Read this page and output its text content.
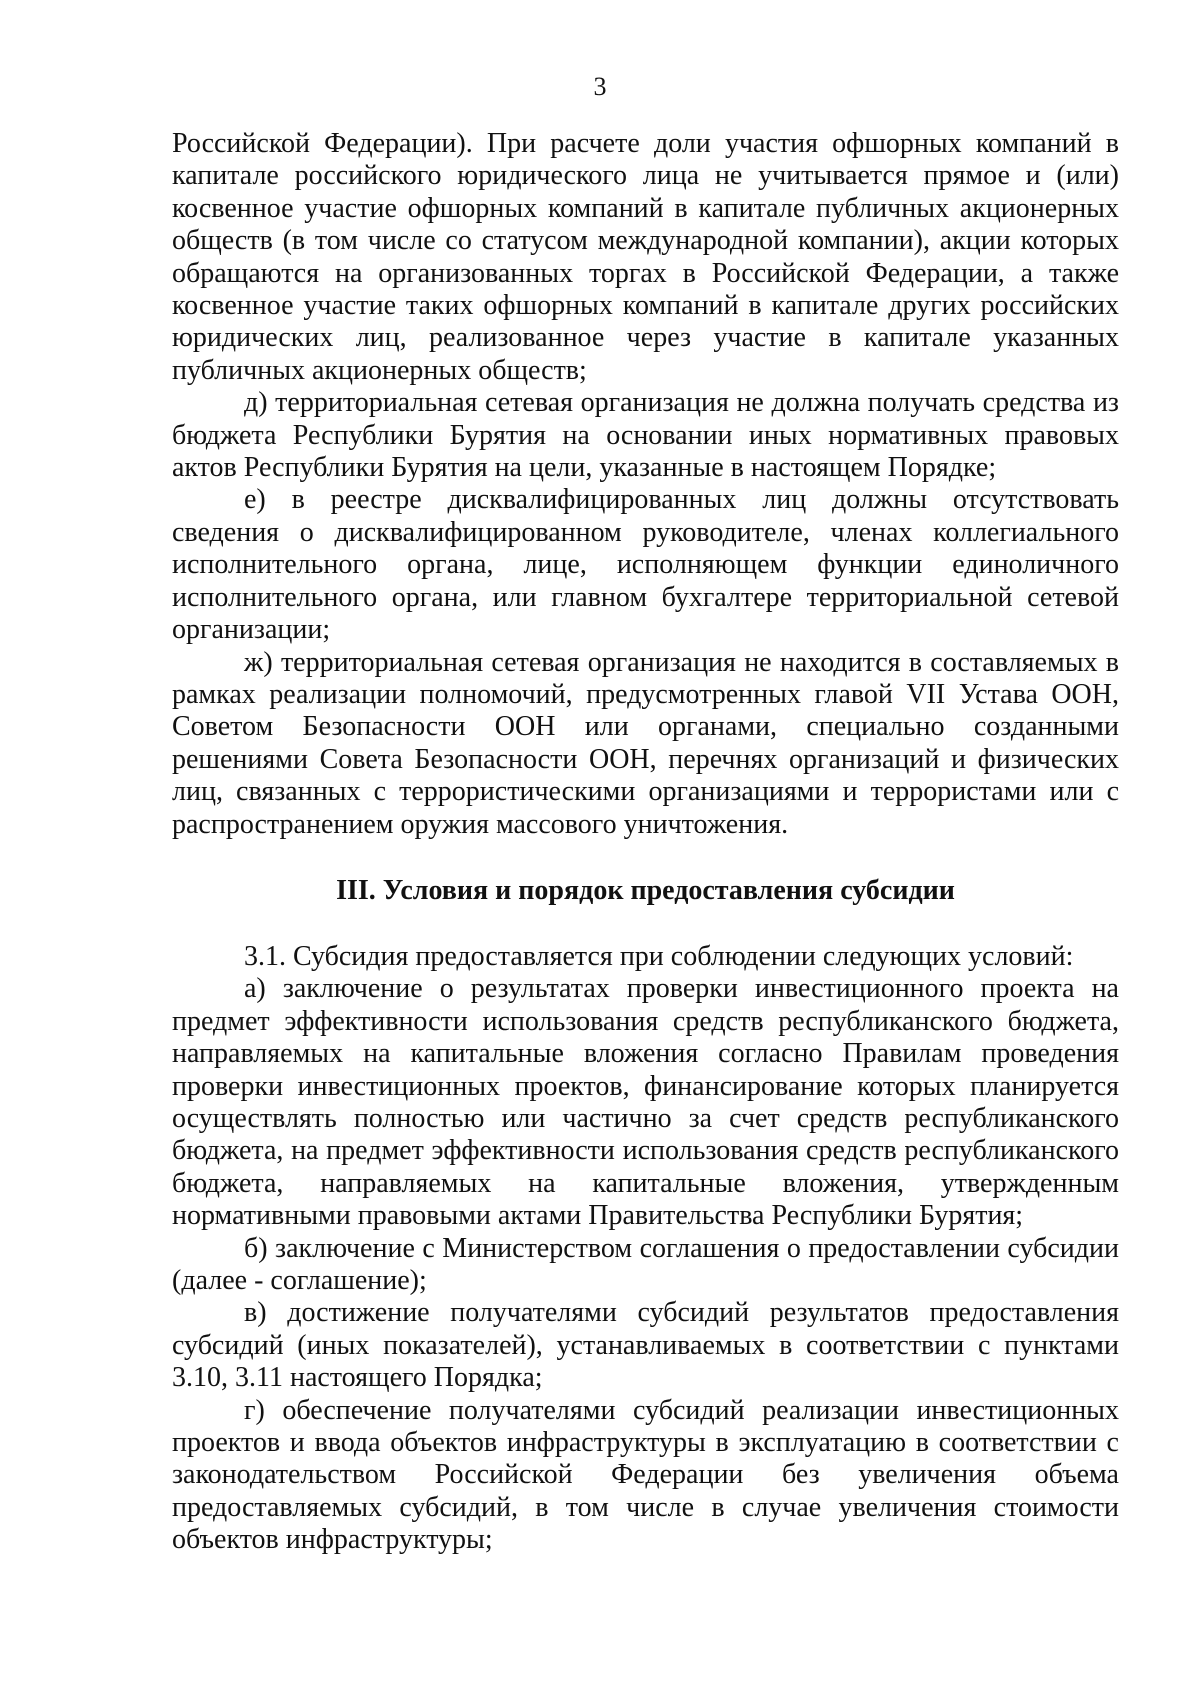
3

Российской Федерации). При расчете доли участия офшорных компаний в капитале российского юридического лица не учитывается прямое и (или) косвенное участие офшорных компаний в капитале публичных акционерных обществ (в том числе со статусом международной компании), акции которых обращаются на организованных торгах в Российской Федерации, а также косвенное участие таких офшорных компаний в капитале других российских юридических лиц, реализованное через участие в капитале указанных публичных акционерных обществ;

д) территориальная сетевая организация не должна получать средства из бюджета Республики Бурятия на основании иных нормативных правовых актов Республики Бурятия на цели, указанные в настоящем Порядке;

е) в реестре дисквалифицированных лиц должны отсутствовать сведения о дисквалифицированном руководителе, членах коллегиального исполнительного органа, лице, исполняющем функции единоличного исполнительного органа, или главном бухгалтере территориальной сетевой организации;

ж) территориальная сетевая организация не находится в составляемых в рамках реализации полномочий, предусмотренных главой VII Устава ООН, Советом Безопасности ООН или органами, специально созданными решениями Совета Безопасности ООН, перечнях организаций и физических лиц, связанных с террористическими организациями и террористами или с распространением оружия массового уничтожения.

III. Условия и порядок предоставления субсидии

3.1. Субсидия предоставляется при соблюдении следующих условий:

а) заключение о результатах проверки инвестиционного проекта на предмет эффективности использования средств республиканского бюджета, направляемых на капитальные вложения согласно Правилам проведения проверки инвестиционных проектов, финансирование которых планируется осуществлять полностью или частично за счет средств республиканского бюджета, на предмет эффективности использования средств республиканского бюджета, направляемых на капитальные вложения, утвержденным нормативными правовыми актами Правительства Республики Бурятия;

б) заключение с Министерством соглашения о предоставлении субсидии (далее - соглашение);

в) достижение получателями субсидий результатов предоставления субсидий (иных показателей), устанавливаемых в соответствии с пунктами 3.10, 3.11 настоящего Порядка;

г) обеспечение получателями субсидий реализации инвестиционных проектов и ввода объектов инфраструктуры в эксплуатацию в соответствии с законодательством Российской Федерации без увеличения объема предоставляемых субсидий, в том числе в случае увеличения стоимости объектов инфраструктуры;
